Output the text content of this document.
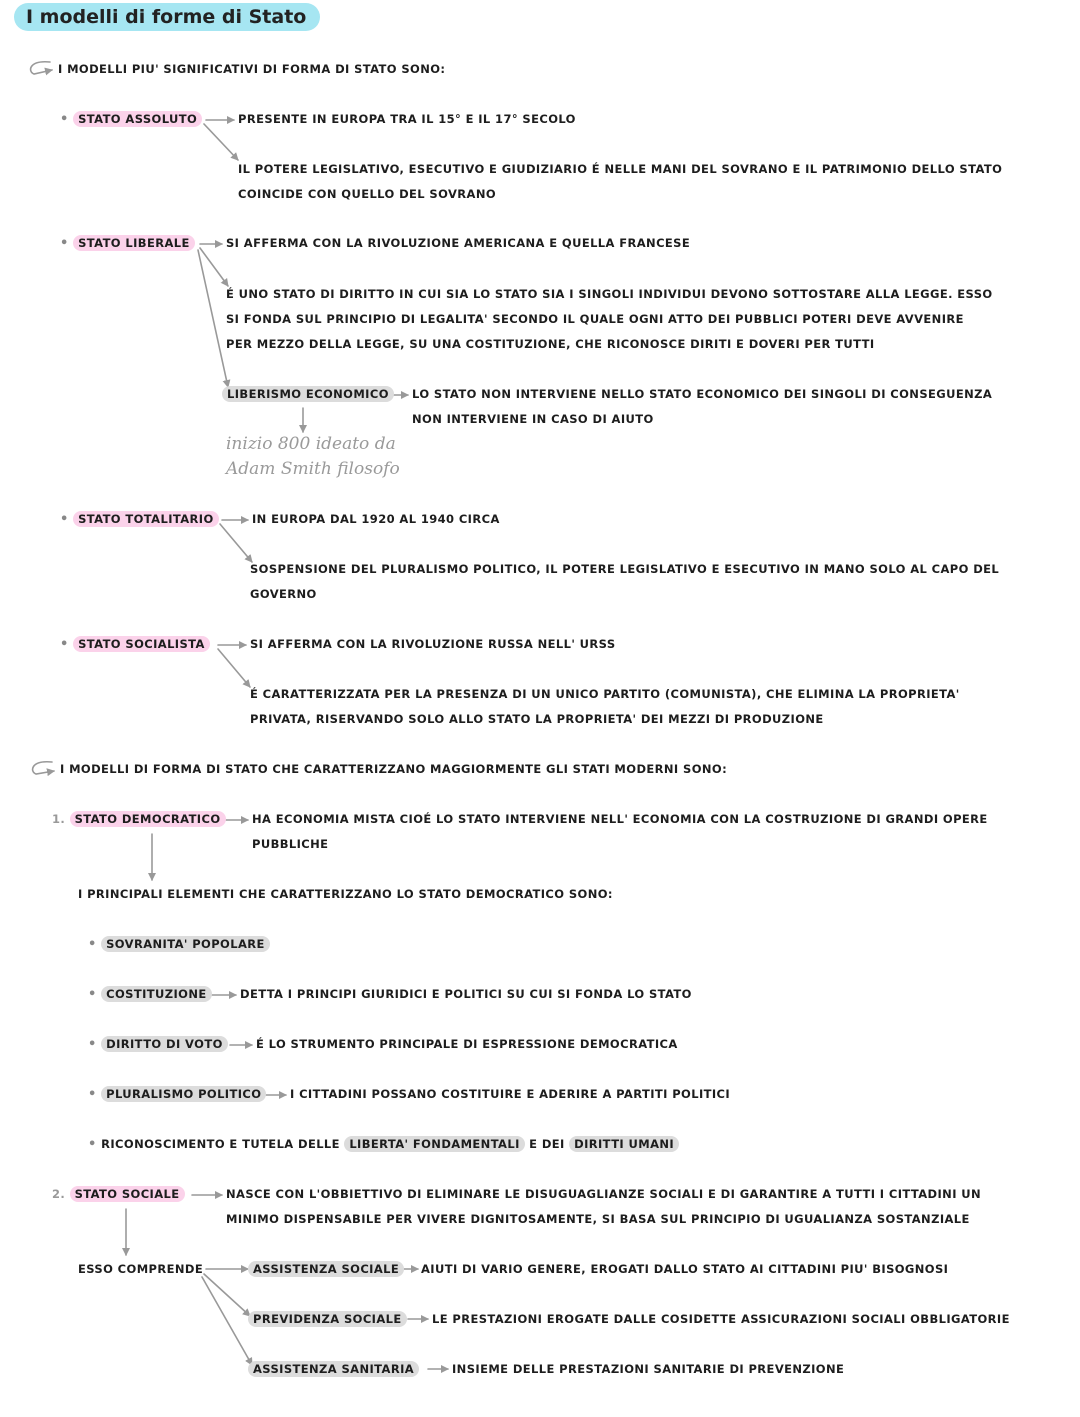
I modelli di forme di Stato
I MODELLI PIU' SIGNIFICATIVI DI FORMA DI STATO SONO:
• STATO ASSOLUTO	PRESENTE IN EUROPA TRA IL 15° E IL 17° SECOLO
IL POTERE LEGISLATIVO, ESECUTIVO E GIUDIZIARIO É NELLE MANI DEL SOVRANO E IL PATRIMONIO DELLO STATO
COINCIDE CON QUELLO DEL SOVRANO
• STATO LIBERALE	SI AFFERMA CON LA RIVOLUZIONE AMERICANA E QUELLA FRANCESE
É UNO STATO DI DIRITTO IN CUI SIA LO STATO SIA I SINGOLI INDIVIDUI DEVONO SOTTOSTARE ALLA LEGGE. ESSO
SI FONDA SUL PRINCIPIO DI LEGALITA' SECONDO IL QUALE OGNI ATTO DEI PUBBLICI POTERI DEVE AVVENIRE
PER MEZZO DELLA LEGGE, SU UNA COSTITUZIONE, CHE RICONOSCE DIRITI E DOVERI PER TUTTI
LIBERISMO ECONOMICO	LO STATO NON INTERVIENE NELLO STATO ECONOMICO DEI SINGOLI DI CONSEGUENZA
NON INTERVIENE IN CASO DI AIUTO
inizio 800 ideato da
Adam Smith filosofo
• STATO TOTALITARIO	IN EUROPA DAL 1920 AL 1940 CIRCA
SOSPENSIONE DEL PLURALISMO POLITICO, IL POTERE LEGISLATIVO E ESECUTIVO IN MANO SOLO AL CAPO DEL
GOVERNO
• STATO SOCIALISTA	SI AFFERMA CON LA RIVOLUZIONE RUSSA NELL' URSS
É CARATTERIZZATA PER LA PRESENZA DI UN UNICO PARTITO (COMUNISTA), CHE ELIMINA LA PROPRIETA'
PRIVATA, RISERVANDO SOLO ALLO STATO LA PROPRIETA' DEI MEZZI DI PRODUZIONE
I MODELLI DI FORMA DI STATO CHE CARATTERIZZANO MAGGIORMENTE GLI STATI MODERNI SONO:
1. STATO DEMOCRATICO	HA ECONOMIA MISTA CIOÉ LO STATO INTERVIENE NELL' ECONOMIA CON LA COSTRUZIONE DI GRANDI OPERE
PUBBLICHE
I PRINCIPALI ELEMENTI CHE CARATTERIZZANO LO STATO DEMOCRATICO SONO:
• SOVRANITA' POPOLARE
• COSTITUZIONE	DETTA I PRINCIPI GIURIDICI E POLITICI SU CUI SI FONDA LO STATO
• DIRITTO DI VOTO	É LO STRUMENTO PRINCIPALE DI ESPRESSIONE DEMOCRATICA
• PLURALISMO POLITICO	I CITTADINI POSSANO COSTITUIRE E ADERIRE A PARTITI POLITICI
• RICONOSCIMENTO E TUTELA DELLE LIBERTA' FONDAMENTALI E DEI DIRITTI UMANI
2. STATO SOCIALE	NASCE CON L'OBBIETTIVO DI ELIMINARE LE DISUGUAGLIANZE SOCIALI E DI GARANTIRE A TUTTI I CITTADINI UN
MINIMO DISPENSABILE PER VIVERE DIGNITOSAMENTE, SI BASA SUL PRINCIPIO DI UGUALIANZA SOSTANZIALE
ESSO COMPRENDE	ASSISTENZA SOCIALE	AIUTI DI VARIO GENERE, EROGATI DALLO STATO AI CITTADINI PIU' BISOGNOSI
PREVIDENZA SOCIALE	LE PRESTAZIONI EROGATE DALLE COSIDETTE ASSICURAZIONI SOCIALI OBBLIGATORIE
ASSISTENZA SANITARIA	INSIEME DELLE PRESTAZIONI SANITARIE DI PREVENZIONE
